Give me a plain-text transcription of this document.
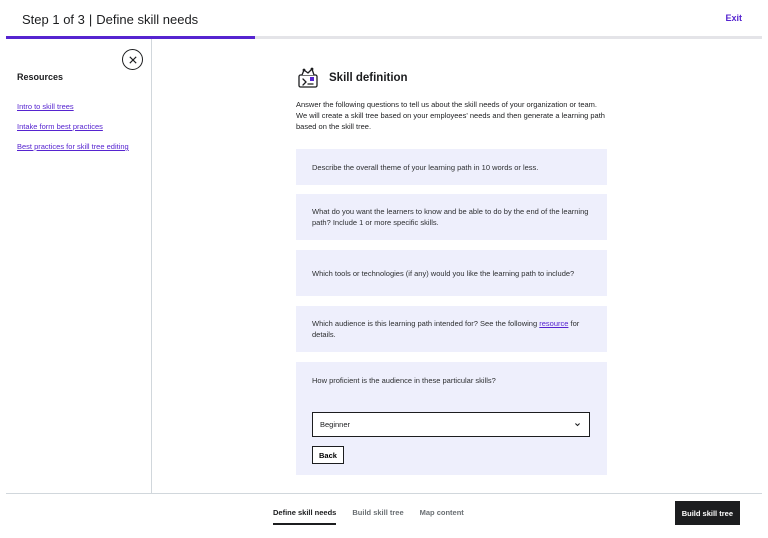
Step 1 of 3 | Define skill needs	Exit
Resources
Intro to skill trees
Intake form best practices
Best practices for skill tree editing
Skill definition

Answer the following questions to tell us about the skill needs of your organization or team. We will create a skill tree based on your employees' needs and then generate a learning path based on the skill tree.

Describe the overall theme of your learning path in 10 words or less.

What do you want the learners to know and be able to do by the end of the learning path? Include 1 or more specific skills.

Which tools or technologies (if any) would you like the learning path to include?

Which audience is this learning path intended for? See the following resource for details.

How proficient is the audience in these particular skills?

Beginner
Back
Define skill needs Build skill tree Map content	Build skill tree
